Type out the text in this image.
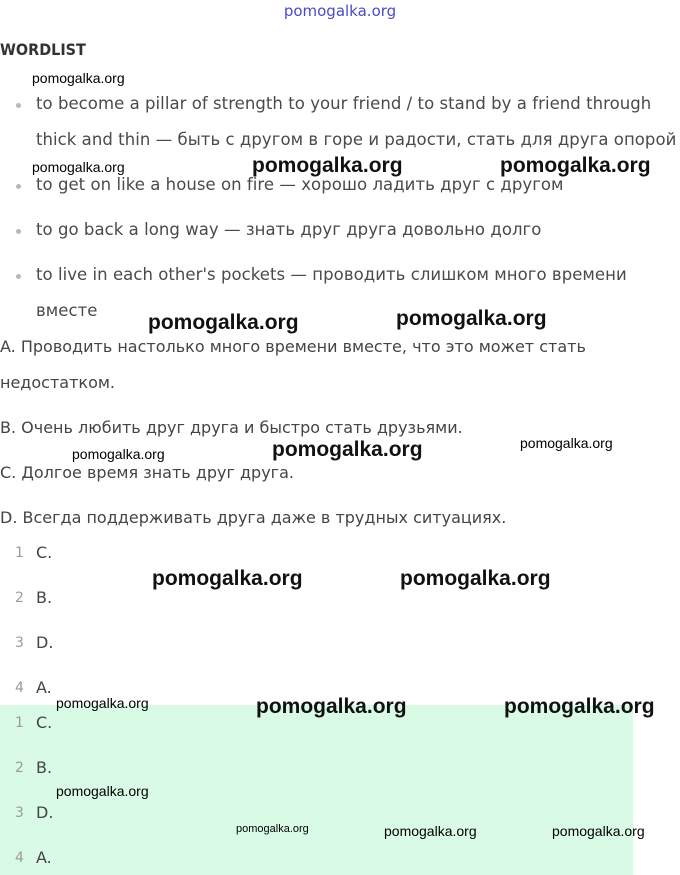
pomogalka.org
WORDLIST
to become a pillar of strength to your friend / to stand by a friend through
thick and thin — быть с другом в горе и радости, стать для друга опорой
to get on like a house on fire — хорошо ладить друг с другом
to go back a long way — знать друг друга довольно долго
to live in each other's pockets — проводить слишком много времени
вместе
A. Проводить настолько много времени вместе, что это может стать
недостатком.
B. Очень любить друг друга и быстро стать друзьями.
C. Долгое время знать друг друга.
D. Всегда поддерживать друга даже в трудных ситуациях.
1 C.
2 B.
3 D.
4 A.
1 C.
2 B.
3 D.
4 A.
pomogalka.org
pomogalka.org	pomogalka.org	pomogalka.org
pomogalka.org	pomogalka.org
pomogalka.org
pomogalka.org	pomogalka.org
pomogalka.org	pomogalka.org
pomogalka.org	pomogalka.org	pomogalka.org
pomogalka.org
pomogalka.org	pomogalka.org	pomogalka.org
